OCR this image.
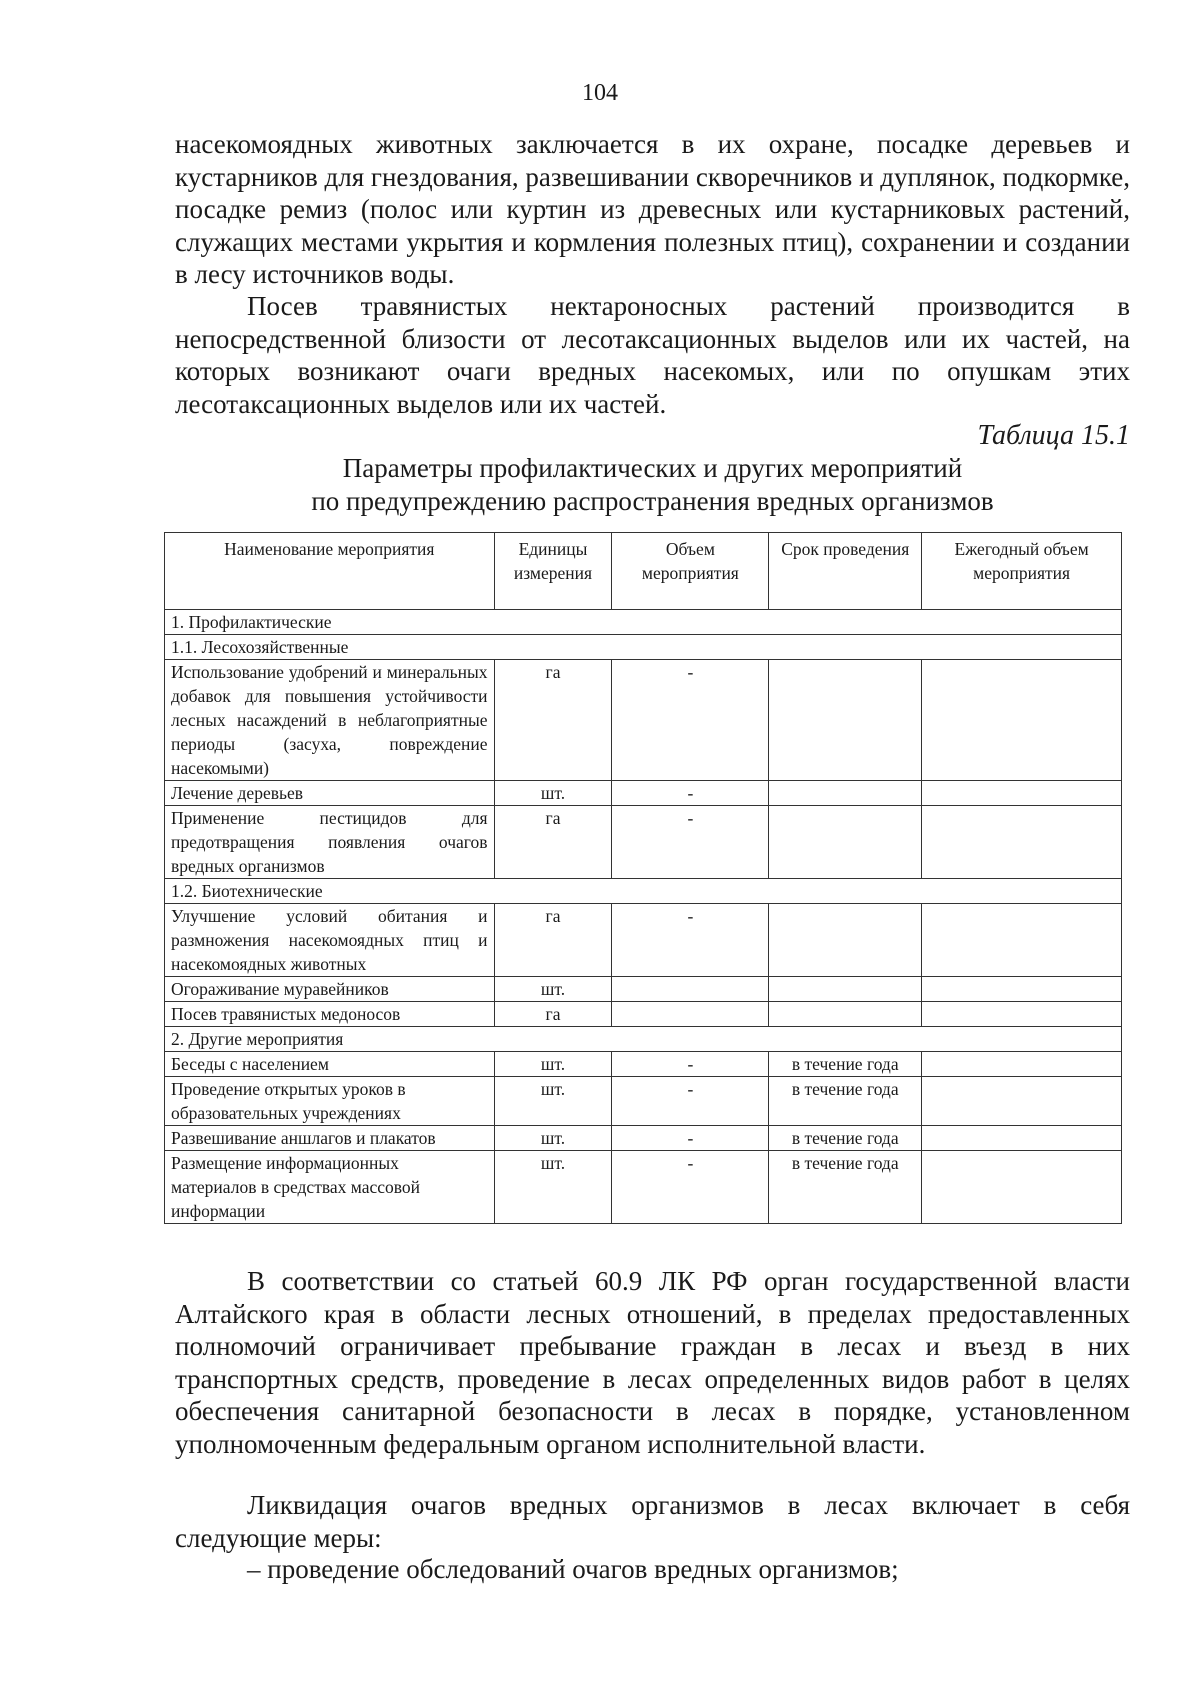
104

насекомоядных животных заключается в их охране, посадке деревьев и кустарников для гнездования, развешивании скворечников и дуплянок, подкормке, посадке ремиз (полос или куртин из древесных или кустарниковых растений, служащих местами укрытия и кормления полезных птиц), сохранении и создании в лесу источников воды.

Посев травянистых нектароносных растений производится в непосредственной близости от лесотаксационных выделов или их частей, на которых возникают очаги вредных насекомых, или по опушкам этих лесотаксационных выделов или их частей.

Таблица 15.1
Параметры профилактических и других мероприятий
по предупреждению распространения вредных организмов
Наименование мероприятия	Единицы измерения	Объем мероприятия	Срок проведения	Ежегодный объем мероприятия
1. Профилактические				
1.1. Лесохозяйственные				
Использование удобрений и минеральных добавок для повышения устойчивости лесных насаждений в неблагоприятные периоды (засуха, повреждение насекомыми)	га	-		
Лечение деревьев	шт.	-		
Применение пестицидов для предотвращения появления очагов вредных организмов	га	-		
1.2. Биотехнические				
Улучшение условий обитания и размножения насекомоядных птиц и насекомоядных животных	га	-		
Огораживание муравейников	шт.			
Посев травянистых медоносов	га			
2. Другие мероприятия				
Беседы с населением	шт.	-	в течение года	
Проведение открытых уроков в образовательных учреждениях	шт.	-	в течение года	
Развешивание аншлагов и плакатов	шт.	-	в течение года	
Размещение информационных материалов в средствах массовой информации	шт.	-	в течение года	

В соответствии со статьей 60.9 ЛК РФ орган государственной власти Алтайского края в области лесных отношений, в пределах предоставленных полномочий ограничивает пребывание граждан в лесах и въезд в них транспортных средств, проведение в лесах определенных видов работ в целях обеспечения санитарной безопасности в лесах в порядке, установленном уполномоченным федеральным органом исполнительной власти.

Ликвидация очагов вредных организмов в лесах включает в себя следующие меры:

– проведение обследований очагов вредных организмов;
